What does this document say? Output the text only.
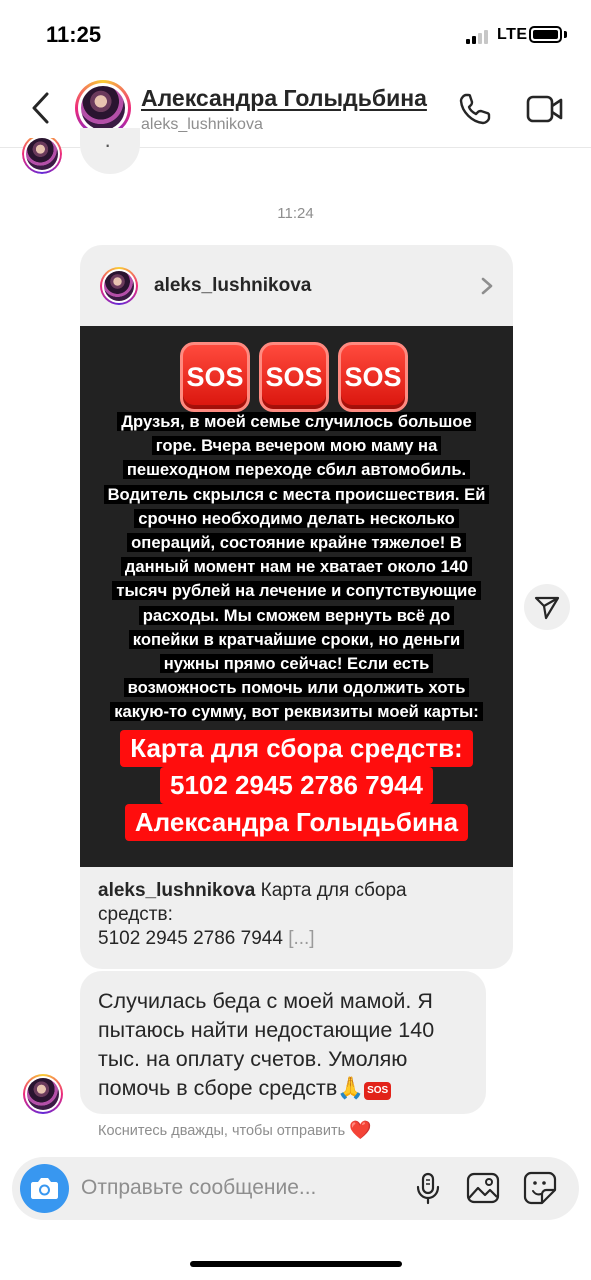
11:25	LTE
Александра Голыдьбина
aleks_lushnikova
·
11:24
aleks_lushnikova
SOS SOS SOS
Друзья, в моей семье случилось большое
горе. Вчера вечером мою маму на
пешеходном переходе сбил автомобиль.
Водитель скрылся с места происшествия. Ей
срочно необходимо делать несколько
операций, состояние крайне тяжелое! В
данный момент нам не хватает около 140
тысяч рублей на лечение и сопутствующие
расходы. Мы сможем вернуть всё до
копейки в кратчайшие сроки, но деньги
нужны прямо сейчас! Если есть
возможность помочь или одолжить хоть
какую-то сумму, вот реквизиты моей карты:
Карта для сбора средств:
5102 2945 2786 7944
Александра Голыдьбина
aleks_lushnikova Карта для сбора
средств:
5102 2945 2786 7944 [...]
Случилась беда с моей мамой. Я пытаюсь найти недостающие 140 тыс. на оплату счетов. Умоляю помочь в сборе средств🙏 SOS
Коснитесь дважды, чтобы отправить ❤️
Отправьте сообщение...
